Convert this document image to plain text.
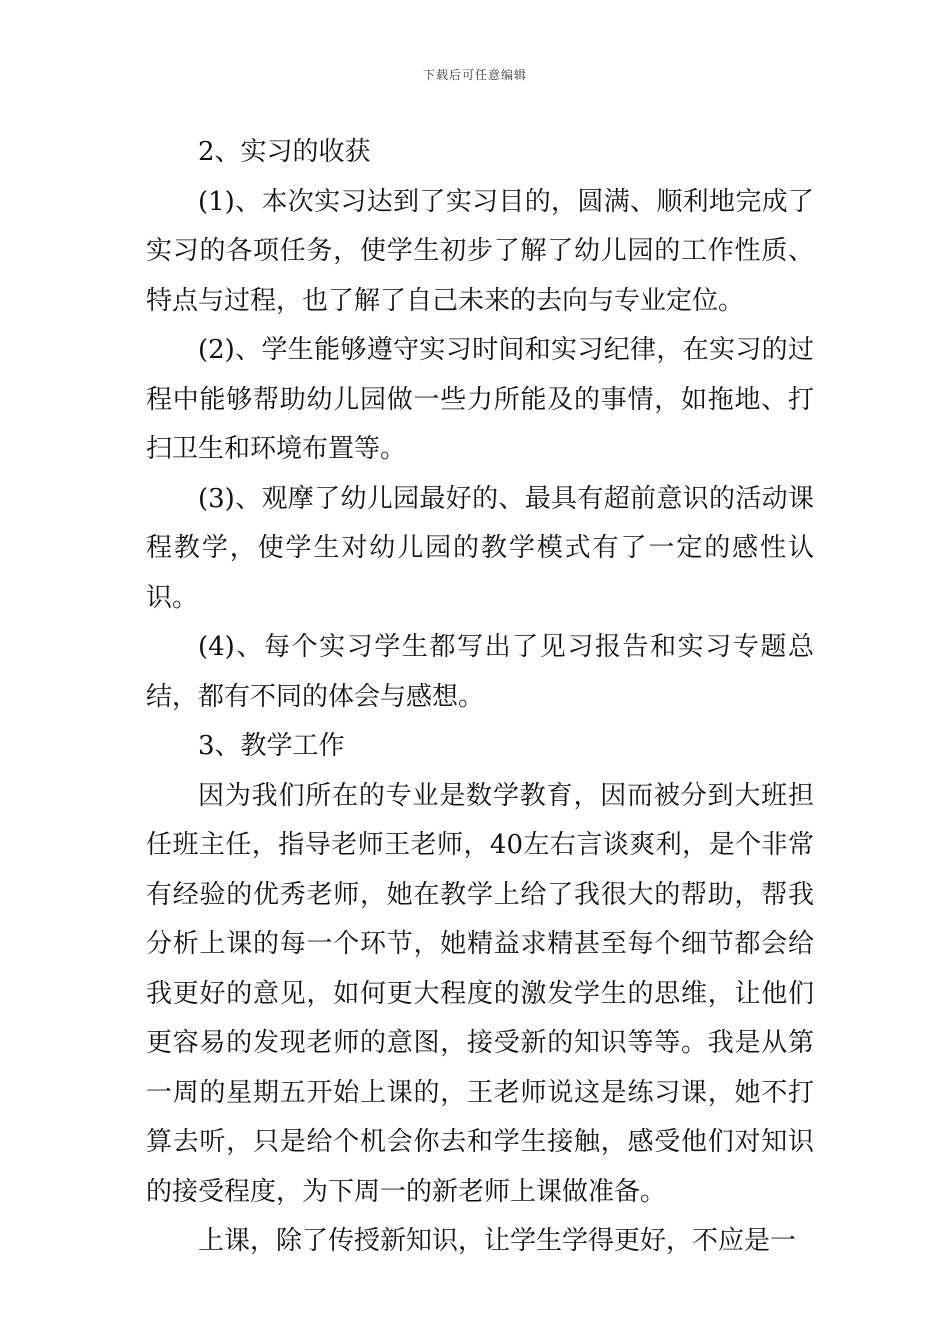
下载后可任意编辑

2、实习的收获

(1)、本次实习达到了实习目的，圆满、顺利地完成了实习的各项任务，使学生初步了解了幼儿园的工作性质、特点与过程，也了解了自己未来的去向与专业定位。

(2)、学生能够遵守实习时间和实习纪律，在实习的过程中能够帮助幼儿园做一些力所能及的事情，如拖地、打扫卫生和环境布置等。

(3)、观摩了幼儿园最好的、最具有超前意识的活动课程教学，使学生对幼儿园的教学模式有了一定的感性认识。

(4)、每个实习学生都写出了见习报告和实习专题总结，都有不同的体会与感想。

3、教学工作

因为我们所在的专业是数学教育，因而被分到大班担任班主任，指导老师王老师，40左右言谈爽利，是个非常有经验的优秀老师，她在教学上给了我很大的帮助，帮我分析上课的每一个环节，她精益求精甚至每个细节都会给我更好的意见，如何更大程度的激发学生的思维，让他们更容易的发现老师的意图，接受新的知识等等。我是从第一周的星期五开始上课的，王老师说这是练习课，她不打算去听，只是给个机会你去和学生接触，感受他们对知识的接受程度，为下周一的新老师上课做准备。

上课，除了传授新知识，让学生学得更好，不应是一
